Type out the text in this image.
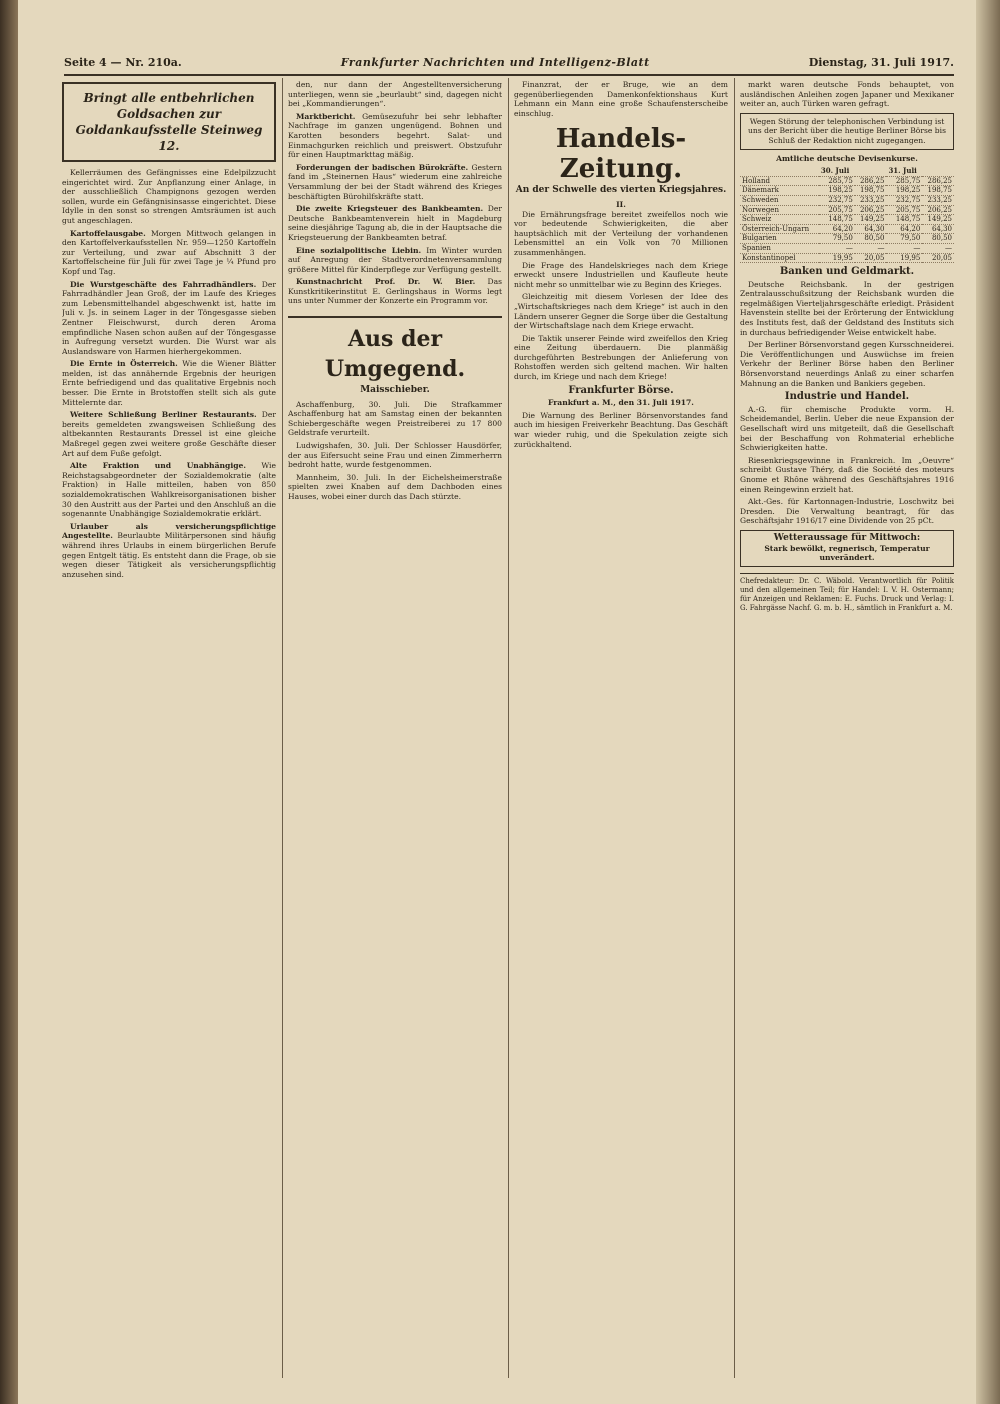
Seite 4 — Nr. 210a.	Frankfurter Nachrichten und Intelligenz-Blatt	Dienstag, 31. Juli 1917.
Bringt alle entbehrlichen Goldsachen zur Goldankaufsstelle Steinweg 12.

Kellerräumen des Gefängnisses eine Edelpilzzucht eingerichtet wird. Zur Anpflanzung einer Anlage, in der ausschließlich Champignons gezogen werden sollen, wurde ein Gefängnisinsasse eingerichtet. Diese Idylle in den sonst so strengen Amtsräumen ist auch gut angeschlagen.

Kartoffelausgabe. Morgen Mittwoch gelangen in den Kartoffelverkaufsstellen Nr. 959—1250 Kartoffeln zur Verteilung, und zwar auf Abschnitt 3 der Kartoffelscheine für Juli für zwei Tage je ¼ Pfund pro Kopf und Tag.

Die Wurstgeschäfte des Fahrradhändlers. Der Fahrradhändler Jean Groß, der im Laufe des Krieges zum Lebensmittelhandel abgeschwenkt ist, hatte im Juli v. Js. in seinem Lager in der Töngesgasse sieben Zentner Fleischwurst, durch deren Aroma empfindliche Nasen schon außen auf der Töngesgasse in Aufregung versetzt wurden. Die Wurst war als Auslandsware von Harmen hierhergekommen.

Die Ernte in Österreich. Wie die Wiener Blätter melden, ist das annähernde Ergebnis der heurigen Ernte befriedigend und das qualitative Ergebnis noch besser. Die Ernte in Brotstoffen stellt sich als gute Mittelernte dar.

Weitere Schließung Berliner Restaurants. Der bereits gemeldeten zwangsweisen Schließung des altbekannten Restaurants Dressel ist eine gleiche Maßregel gegen zwei weitere große Geschäfte dieser Art auf dem Fuße gefolgt.

Alte Fraktion und Unabhängige. Wie Reichstagsabgeordneter der Sozialdemokratie (alte Fraktion) in Halle mitteilen, haben von 850 sozialdemokratischen Wahlkreisorganisationen bisher 30 den Austritt aus der Partei und den Anschluß an die sogenannte Unabhängige Sozialdemokratie erklärt.

Urlauber als versicherungspflichtige Angestellte. Beurlaubte Militärpersonen sind häufig während ihres Urlaubs in einem bürgerlichen Berufe gegen Entgelt tätig. Es entsteht dann die Frage, ob sie wegen dieser Tätigkeit als versicherungspflichtig anzusehen sind.

den, nur dann der Angestelltenversicherung unterliegen, wenn sie „beurlaubt“ sind, dagegen nicht bei „Kommandierungen“.

Marktbericht. Gemüsezufuhr bei sehr lebhafter Nachfrage im ganzen ungenügend. Bohnen und Karotten besonders begehrt. Salat- und Einmachgurken reichlich und preiswert. Obstzufuhr für einen Hauptmarkttag mäßig.

Forderungen der badischen Bürokräfte. Gestern fand im „Steinernen Haus“ wiederum eine zahlreiche Versammlung der bei der Stadt während des Krieges beschäftigten Bürohilfskräfte statt.

Die zweite Kriegsteuer des Bankbeamten. Der Deutsche Bankbeamtenverein hielt in Magdeburg seine diesjährige Tagung ab, die in der Hauptsache die Kriegsteuerung der Bankbeamten betraf.

Eine sozialpolitische Liebin. Im Winter wurden auf Anregung der Stadtverordnetenversammlung größere Mittel für Kinderpflege zur Verfügung gestellt.

Kunstnachricht Prof. Dr. W. Bier. Das Kunstkritikerinstitut E. Gerlingshaus in Worms legt uns unter Nummer der Konzerte ein Programm vor.

Aus der Umgegend.
Maisschieber.

Aschaffenburg, 30. Juli. Die Strafkammer Aschaffenburg hat am Samstag einen der bekannten Schiebergeschäfte wegen Preistreiberei zu 17 800 Geldstrafe verurteilt.

Ludwigshafen, 30. Juli. Der Schlosser Hausdörfer, der aus Eifersucht seine Frau und einen Zimmerherrn bedroht hatte, wurde festgenommen.

Mannheim, 30. Juli. In der Eichelsheimerstraße spielten zwei Knaben auf dem Dachboden eines Hauses, wobei einer durch das Dach stürzte.

Finanzrat, der er Bruge, wie an dem gegenüberliegenden Damenkonfektionshaus Kurt Lehmann ein Mann eine große Schaufensterscheibe einschlug.

Handels-Zeitung.
An der Schwelle des vierten Kriegsjahres.
II.

Die Ernährungsfrage bereitet zweifellos noch wie vor bedeutende Schwierigkeiten, die aber hauptsächlich mit der Verteilung der vorhandenen Lebensmittel an ein Volk von 70 Millionen zusammenhängen.

Die Frage des Handelskrieges nach dem Kriege erweckt unsere Industriellen und Kaufleute heute nicht mehr so unmittelbar wie zu Beginn des Krieges.

Gleichzeitig mit diesem Vorlesen der Idee des „Wirtschaftskrieges nach dem Kriege“ ist auch in den Ländern unserer Gegner die Sorge über die Gestaltung der Wirtschaftslage nach dem Kriege erwacht.

Die Taktik unserer Feinde wird zweifellos den Krieg eine Zeitung überdauern. Die planmäßig durchgeführten Bestrebungen der Anlieferung von Rohstoffen werden sich geltend machen. Wir halten durch, im Kriege und nach dem Kriege!

Frankfurter Börse.
Frankfurt a. M., den 31. Juli 1917.

Die Warnung des Berliner Börsenvorstandes fand auch im hiesigen Freiverkehr Beachtung. Das Geschäft war wieder ruhig, und die Spekulation zeigte sich zurückhaltend.

markt waren deutsche Fonds behauptet, von ausländischen Anleihen zogen Japaner und Mexikaner weiter an, auch Türken waren gefragt.

Wegen Störung der telephonischen Verbindung ist uns der Bericht über die heutige Berliner Börse bis Schluß der Redaktion nicht zugegangen.
Amtliche deutsche Devisenkurse.
	30. Juli		31. Juli	
Holland	285,75	286,25	285,75	286,25
Dänemark	198,25	198,75	198,25	198,75
Schweden	232,75	233,25	232,75	233,25
Norwegen	205,75	206,25	205,75	206,25
Schweiz	148,75	149,25	148,75	149,25
Österreich-Ungarn	64,20	64,30	64,20	64,30
Bulgarien	79,50	80,50	79,50	80,50
Spanien	—	—	—	—
Konstantinopel	19,95	20,05	19,95	20,05
Banken und Geldmarkt.

Deutsche Reichsbank. In der gestrigen Zentralausschußsitzung der Reichsbank wurden die regelmäßigen Vierteljahrsgeschäfte erledigt. Präsident Havenstein stellte bei der Erörterung der Entwicklung des Instituts fest, daß der Geldstand des Instituts sich in durchaus befriedigender Weise entwickelt habe.

Der Berliner Börsenvorstand gegen Kursschneiderei. Die Veröffentlichungen und Auswüchse im freien Verkehr der Berliner Börse haben den Berliner Börsenvorstand neuerdings Anlaß zu einer scharfen Mahnung an die Banken und Bankiers gegeben.

Industrie und Handel.

A.-G. für chemische Produkte vorm. H. Scheidemandel, Berlin. Ueber die neue Expansion der Gesellschaft wird uns mitgeteilt, daß die Gesellschaft bei der Beschaffung von Rohmaterial erhebliche Schwierigkeiten hatte.

Riesenkriegsgewinne in Frankreich. Im „Oeuvre“ schreibt Gustave Théry, daß die Société des moteurs Gnome et Rhône während des Geschäftsjahres 1916 einen Reingewinn erzielt hat.

Akt.-Ges. für Kartonnagen-Industrie, Loschwitz bei Dresden. Die Verwaltung beantragt, für das Geschäftsjahr 1916/17 eine Dividende von 25 pCt.

Wetteraussage für Mittwoch:
Stark bewölkt, regnerisch, Temperatur unverändert.
Chefredakteur: Dr. C. Wäbold. Verantwortlich für Politik und den allgemeinen Teil; für Handel: I. V. H. Ostermann; für Anzeigen und Reklamen: E. Fuchs. Druck und Verlag: I. G. Fahrgässe Nachf. G. m. b. H., sämtlich in Frankfurt a. M.
